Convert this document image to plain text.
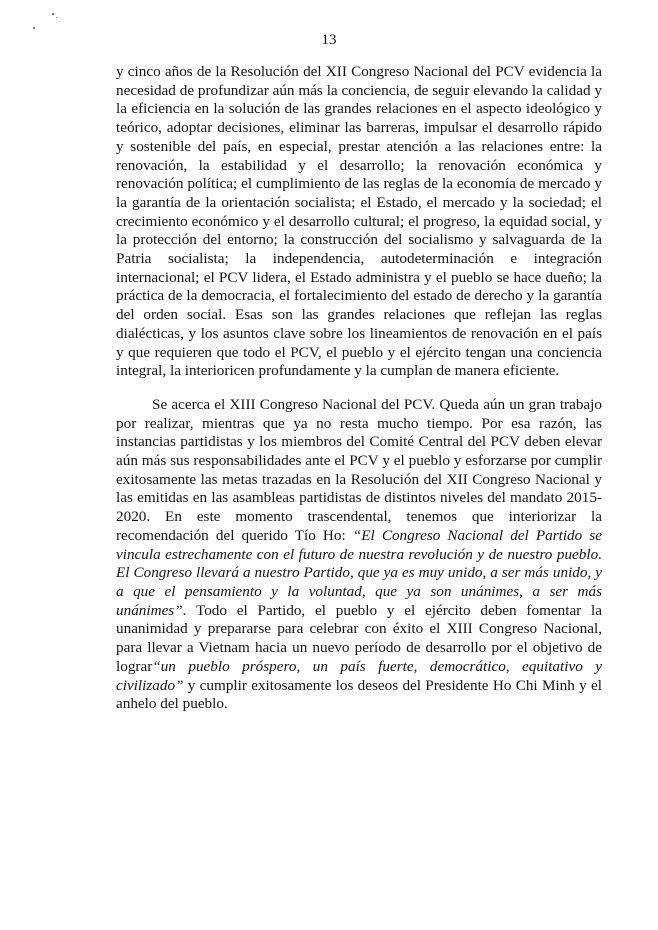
13

y cinco años de la Resolución del XII Congreso Nacional del PCV evidencia la necesidad de profundizar aún más la conciencia, de seguir elevando la calidad y la eficiencia en la solución de las grandes relaciones en el aspecto ideológico y teórico, adoptar decisiones, eliminar las barreras, impulsar el desarrollo rápido y sostenible del país, en especial, prestar atención a las relaciones entre: la renovación, la estabilidad y el desarrollo; la renovación económica y renovación política; el cumplimiento de las reglas de la economía de mercado y la garantía de la orientación socialista; el Estado, el mercado y la sociedad; el crecimiento económico y el desarrollo cultural; el progreso, la equidad social, y la protección del entorno; la construcción del socialismo y salvaguarda de la Patria socialista; la independencia, autodeterminación e integración internacional; el PCV lidera, el Estado administra y el pueblo se hace dueño; la práctica de la democracia, el fortalecimiento del estado de derecho y la garantía del orden social. Esas son las grandes relaciones que reflejan las reglas dialécticas, y los asuntos clave sobre los lineamientos de renovación en el país y que requieren que todo el PCV, el pueblo y el ejército tengan una conciencia integral, la interioricen profundamente y la cumplan de manera eficiente.

Se acerca el XIII Congreso Nacional del PCV. Queda aún un gran trabajo por realizar, mientras que ya no resta mucho tiempo. Por esa razón, las instancias partidistas y los miembros del Comité Central del PCV deben elevar aún más sus responsabilidades ante el PCV y el pueblo y esforzarse por cumplir exitosamente las metas trazadas en la Resolución del XII Congreso Nacional y las emitidas en las asambleas partidistas de distintos niveles del mandato 2015-2020. En este momento trascendental, tenemos que interiorizar la recomendación del querido Tío Ho: “El Congreso Nacional del Partido se vincula estrechamente con el futuro de nuestra revolución y de nuestro pueblo. El Congreso llevará a nuestro Partido, que ya es muy unido, a ser más unido, y a que el pensamiento y la voluntad, que ya son unánimes, a ser más unánimes”. Todo el Partido, el pueblo y el ejército deben fomentar la unanimidad y prepararse para celebrar con éxito el XIII Congreso Nacional, para llevar a Vietnam hacia un nuevo período de desarrollo por el objetivo de lograr“un pueblo próspero, un país fuerte, democrático, equitativo y civilizado” y cumplir exitosamente los deseos del Presidente Ho Chi Minh y el anhelo del pueblo.
